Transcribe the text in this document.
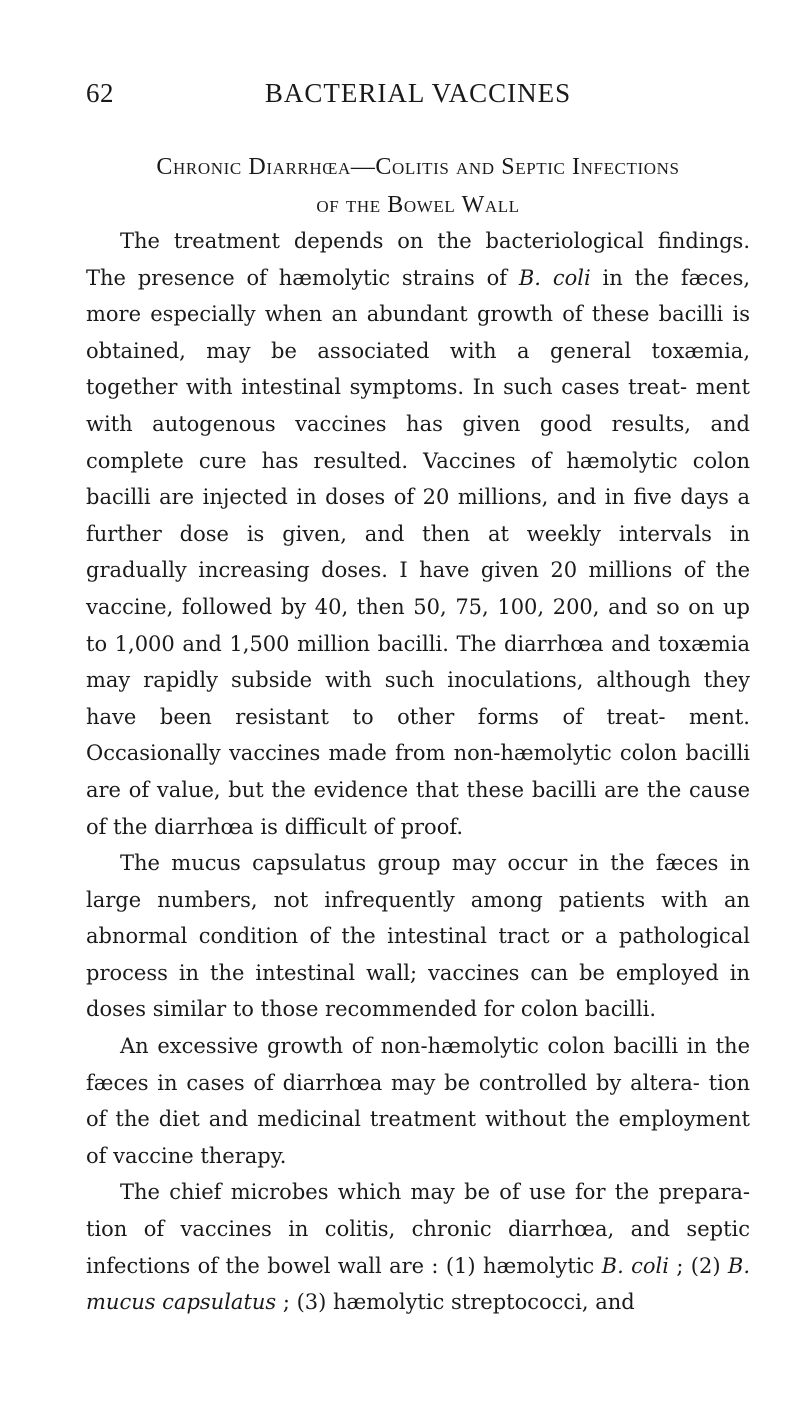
62	BACTERIAL VACCINES
Chronic Diarrhœa—Colitis and Septic Infections
of the Bowel Wall

The treatment depends on the bacteriological findings. The presence of hæmolytic strains of B. coli in the fæces, more especially when an abundant growth of these bacilli is obtained, may be associated with a general toxæmia, together with intestinal symptoms. In such cases treat- ment with autogenous vaccines has given good results, and complete cure has resulted. Vaccines of hæmolytic colon bacilli are injected in doses of 20 millions, and in five days a further dose is given, and then at weekly intervals in gradually increasing doses. I have given 20 millions of the vaccine, followed by 40, then 50, 75, 100, 200, and so on up to 1,000 and 1,500 million bacilli. The diarrhœa and toxæmia may rapidly subside with such inoculations, although they have been resistant to other forms of treat- ment. Occasionally vaccines made from non-hæmolytic colon bacilli are of value, but the evidence that these bacilli are the cause of the diarrhœa is difficult of proof.

The mucus capsulatus group may occur in the fæces in large numbers, not infrequently among patients with an abnormal condition of the intestinal tract or a pathological process in the intestinal wall; vaccines can be employed in doses similar to those recommended for colon bacilli.

An excessive growth of non-hæmolytic colon bacilli in the fæces in cases of diarrhœa may be controlled by altera- tion of the diet and medicinal treatment without the employment of vaccine therapy.

The chief microbes which may be of use for the prepara- tion of vaccines in colitis, chronic diarrhœa, and septic infections of the bowel wall are : (1) hæmolytic B. coli ; (2) B. mucus capsulatus ; (3) hæmolytic streptococci, and
